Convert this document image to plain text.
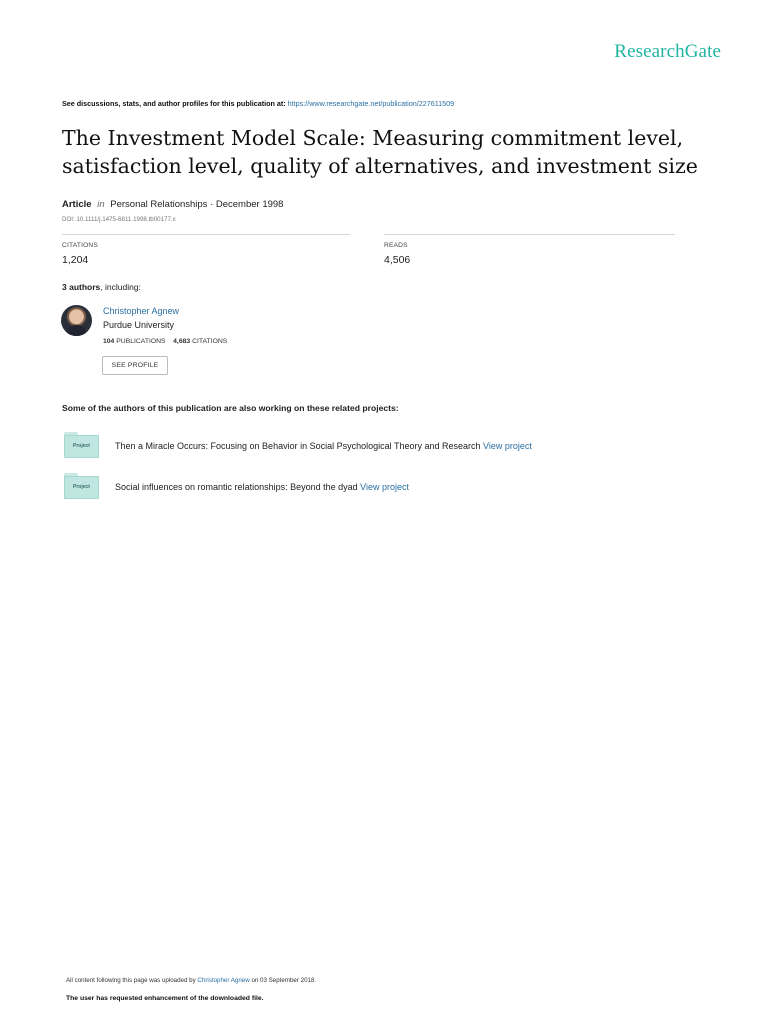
ResearchGate
See discussions, stats, and author profiles for this publication at: https://www.researchgate.net/publication/227611509
The Investment Model Scale: Measuring commitment level, satisfaction level, quality of alternatives, and investment size
Article in Personal Relationships · December 1998
DOI: 10.1111/j.1475-6811.1998.tb00177.x
CITATIONS
1,204
READS
4,506
3 authors, including:
Christopher Agnew
Purdue University
104 PUBLICATIONS 4,683 CITATIONS
SEE PROFILE
Some of the authors of this publication are also working on these related projects:
Project	Then a Miracle Occurs: Focusing on Behavior in Social Psychological Theory and Research View project
Project	Social influences on romantic relationships: Beyond the dyad View project
All content following this page was uploaded by Christopher Agnew on 03 September 2018.
The user has requested enhancement of the downloaded file.
